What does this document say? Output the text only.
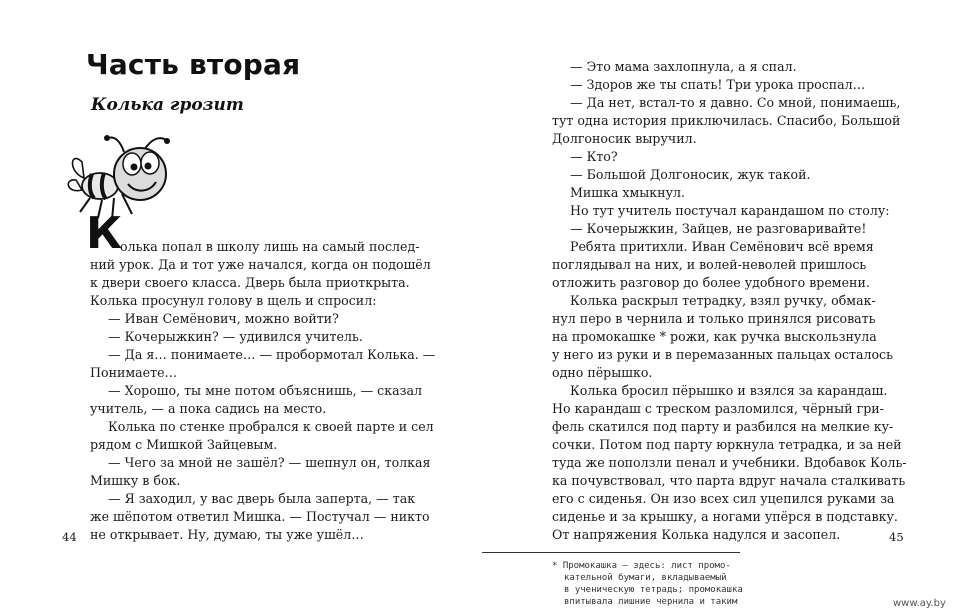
Часть вторая
Колька грозит
К
олька попал в школу лишь на самый послед-
ний урок. Да и тот уже начался, когда он подошёл
к двери своего класса. Дверь была приоткрыта.
Колька просунул голову в щель и спросил:
— Иван Семёнович, можно войти?
— Кочерыжкин? — удивился учитель.
— Да я… понимаете… — пробормотал Колька. —
Понимаете…
— Хорошо, ты мне потом объяснишь, — сказал
учитель, — а пока садись на место.
Колька по стенке пробрался к своей парте и сел
рядом с Мишкой Зайцевым.
— Чего за мной не зашёл? — шепнул он, толкая
Мишку в бок.
— Я заходил, у вас дверь была заперта, — так
же шёпотом ответил Мишка. — Постучал — никто
не открывает. Ну, думаю, ты уже ушёл…
44
— Это мама захлопнула, а я спал.
— Здоров же ты спать! Три урока проспал…
— Да нет, встал-то я давно. Со мной, понимаешь,
тут одна история приключилась. Спасибо, Большой
Долгоносик выручил.
— Кто?
— Большой Долгоносик, жук такой.
Мишка хмыкнул.
Но тут учитель постучал карандашом по столу:
— Кочерыжкин, Зайцев, не разговаривайте!
Ребята притихли. Иван Семёнович всё время
поглядывал на них, и волей-неволей пришлось
отложить разговор до более удобного времени.
Колька раскрыл тетрадку, взял ручку, обмак-
нул перо в чернила и только принялся рисовать
на промокашке * рожи, как ручка выскользнула
у него из руки и в перемазанных пальцах осталось
одно пёрышко.
Колька бросил пёрышко и взялся за карандаш.
Но карандаш с треском разломился, чёрный гри-
фель скатился под парту и разбился на мелкие ку-
сочки. Потом под парту юркнула тетрадка, и за ней
туда же поползли пенал и учебники. Вдобавок Коль-
ка почувствовал, что парта вдруг начала сталкивать
его с сиденья. Он изо всех сил уцепился руками за
сиденье и за крышку, а ногами упёрся в подставку.
От напряжения Колька надулся и засопел.	45
* Промокашка — здесь: лист промо-
кательной бумаги, вкладываемый
в ученическую тетрадь; промокашка
впитывала лишние чернила и таким	www.ay.by
